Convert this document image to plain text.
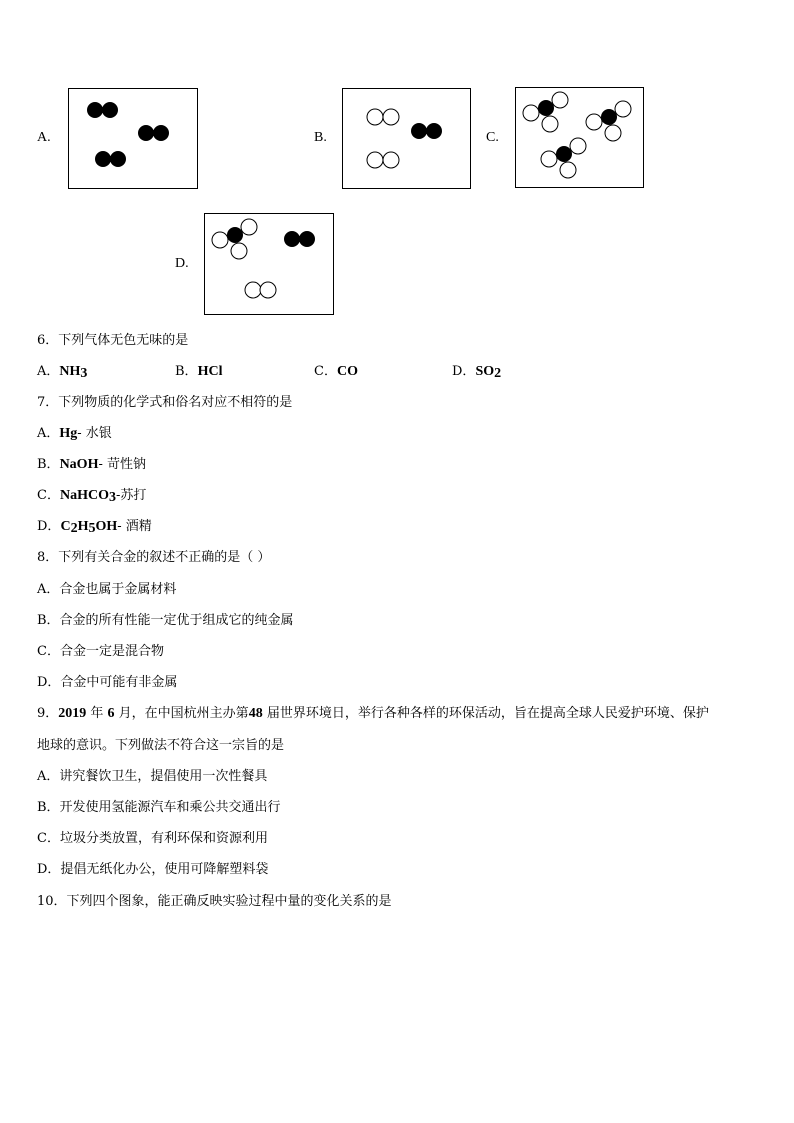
A.	B.	C.
D.
6．下列气体无色无味的是
A．$NH_3$	B．HCl	C．CO	D．$SO_2$
7．下列物质的化学式和俗名对应不相符的是
A．Hg- 水银
B．NaOH- 苛性钠
C．NaHCO$_3$-苏打
D．$C_2H_5OH-$ 酒精
8．下列有关合金的叙述不正确的是（ ）
A．合金也属于金属材料
B．合金的所有性能一定优于组成它的纯金属
C．合金一定是混合物
D．合金中可能有非金属
9．2019 年 6 月，在中国杭州主办第48 届世界环境日，举行各种各样的环保活动，旨在提高全球人民爱护环境、保护
地球的意识。下列做法不符合这一宗旨的是
A．讲究餐饮卫生，提倡使用一次性餐具
B．开发使用氢能源汽车和乘公共交通出行
C．垃圾分类放置，有利环保和资源利用
D．提倡无纸化办公，使用可降解塑料袋
10．下列四个图象，能正确反映实验过程中量的变化关系的是
